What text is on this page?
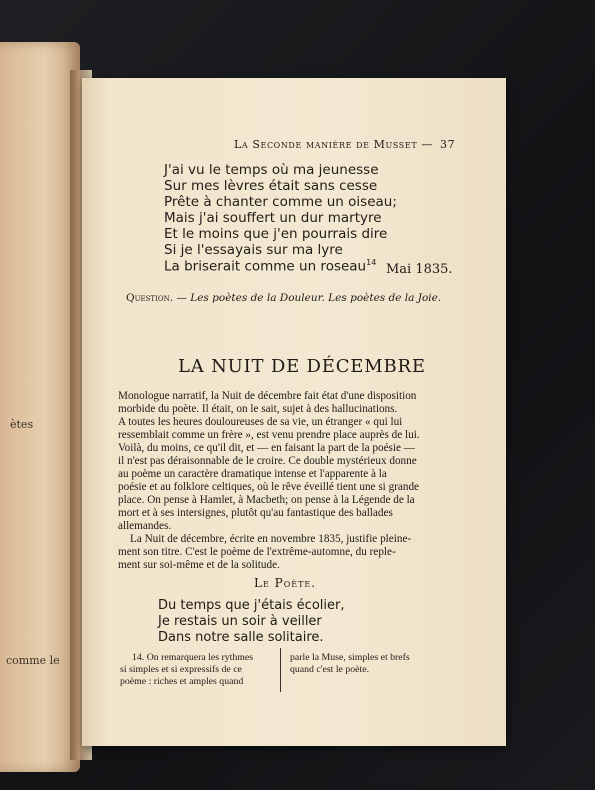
ètes
comme le
La Seconde manière de Musset — 37
J'ai vu le temps où ma jeunesse
Sur mes lèvres était sans cesse
Prête à chanter comme un oiseau;
Mais j'ai souffert un dur martyre
Et le moins que j'en pourrais dire
Si je l'essayais sur ma lyre
La briserait comme un roseau$^{14}$ Mai 1835.
Question. — Les poètes de la Douleur. Les poètes de la Joie.
LA NUIT DE DÉCEMBRE
Monologue narratif, la Nuit de décembre fait état d'une disposition
morbide du poète. Il était, on le sait, sujet à des hallucinations.
A toutes les heures douloureuses de sa vie, un étranger « qui lui
ressemblait comme un frère », est venu prendre place auprès de lui.
Voilà, du moins, ce qu'il dit, et — en faisant la part de la poésie —
il n'est pas déraisonnable de le croire. Ce double mystérieux donne
au poème un caractère dramatique intense et l'apparente à la
poésie et au folklore celtiques, où le rêve éveillé tient une si grande
place. On pense à Hamlet, à Macbeth; on pense à la Légende de la
mort et à ses intersignes, plutôt qu'au fantastique des ballades
allemandes.
La Nuit de décembre, écrite en novembre 1835, justifie pleine-
ment son titre. C'est le poème de l'extrême-automne, du reple-
ment sur soi-même et de la solitude.
Le Poète.
Du temps que j'étais écolier,
Je restais un soir à veiller
Dans notre salle solitaire.
14. On remarquera les rythmes
si simples et si expressifs de ce
poème : riches et amples quand
parle la Muse, simples et brefs
quand c'est le poète.
